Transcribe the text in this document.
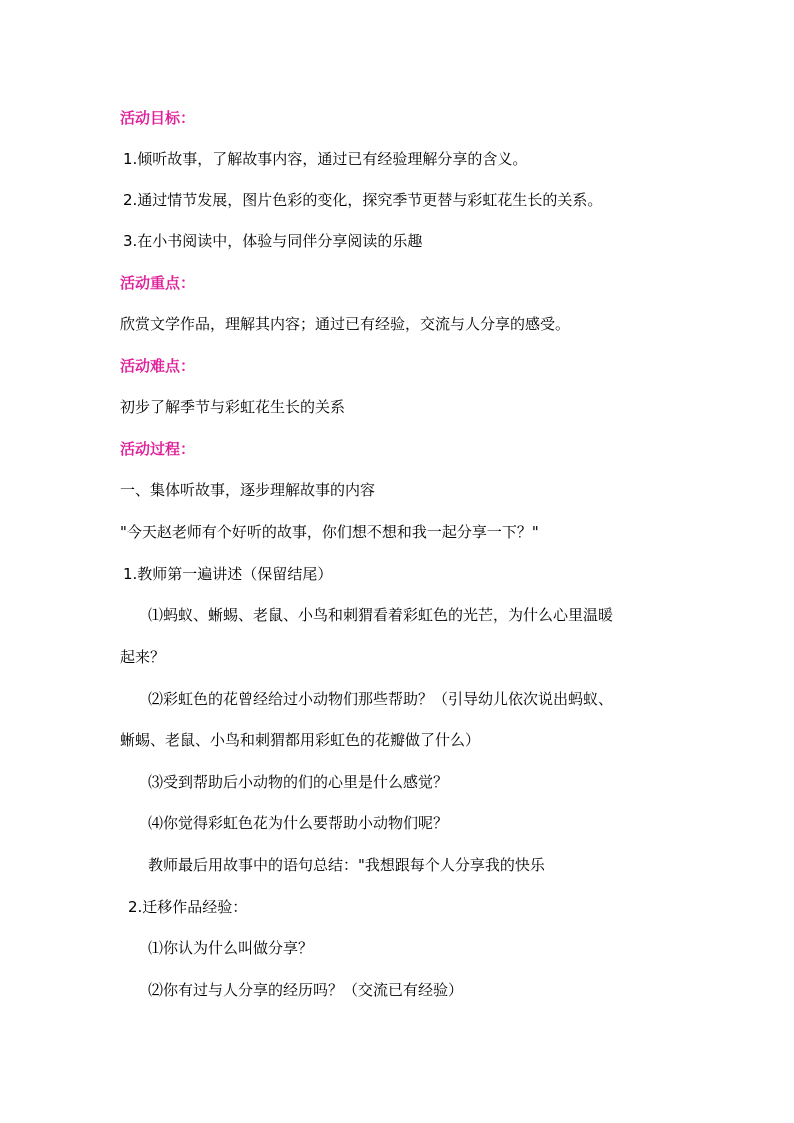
活动目标：
1.倾听故事，了解故事内容，通过已有经验理解分享的含义。
2.通过情节发展，图片色彩的变化，探究季节更替与彩虹花生长的关系。
3.在小书阅读中，体验与同伴分享阅读的乐趣
活动重点：
欣赏文学作品，理解其内容；通过已有经验，交流与人分享的感受。
活动难点：
初步了解季节与彩虹花生长的关系
活动过程：
一、集体听故事，逐步理解故事的内容
"今天赵老师有个好听的故事，你们想不想和我一起分享一下？"
1.教师第一遍讲述（保留结尾）
⑴蚂蚁、蜥蜴、老鼠、小鸟和刺猬看着彩虹色的光芒，为什么心里温暖
起来？
⑵彩虹色的花曾经给过小动物们那些帮助？（引导幼儿依次说出蚂蚁、
蜥蜴、老鼠、小鸟和刺猬都用彩虹色的花瓣做了什么）
⑶受到帮助后小动物的们的心里是什么感觉？
⑷你觉得彩虹色花为什么要帮助小动物们呢？
教师最后用故事中的语句总结："我想跟每个人分享我的快乐
2.迁移作品经验：
⑴你认为什么叫做分享？
⑵你有过与人分享的经历吗？（交流已有经验）
